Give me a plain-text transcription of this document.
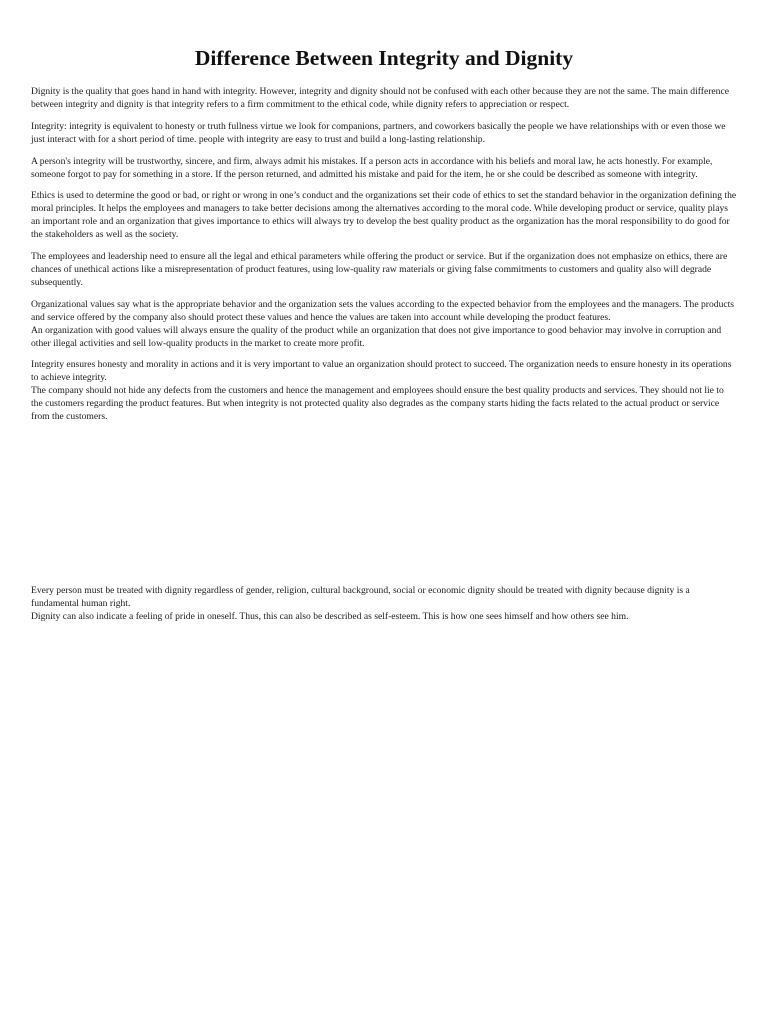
Difference Between Integrity and Dignity

Dignity is the quality that goes hand in hand with integrity. However, integrity and dignity should not be confused with each other because they are not the same. The main difference between integrity and dignity is that integrity refers to a firm commitment to the ethical code, while dignity refers to appreciation or respect.

Integrity: integrity is equivalent to honesty or truth fullness virtue we look for companions, partners, and coworkers basically the people we have relationships with or even those we just interact with for a short period of time. people with integrity are easy to trust and build a long-lasting relationship.

A person's integrity will be trustworthy, sincere, and firm, always admit his mistakes. If a person acts in accordance with his beliefs and moral law, he acts honestly. For example, someone forgot to pay for something in a store. If the person returned, and admitted his mistake and paid for the item, he or she could be described as someone with integrity.

Ethics is used to determine the good or bad, or right or wrong in one’s conduct and the organizations set their code of ethics to set the standard behavior in the organization defining the moral principles. It helps the employees and managers to take better decisions among the alternatives according to the moral code. While developing product or service, quality plays an important role and an organization that gives importance to ethics will always try to develop the best quality product as the organization has the moral responsibility to do good for the stakeholders as well as the society.

The employees and leadership need to ensure all the legal and ethical parameters while offering the product or service. But if the organization does not emphasize on ethics, there are chances of unethical actions like a misrepresentation of product features, using low-quality raw materials or giving false commitments to customers and quality also will degrade subsequently.

Organizational values say what is the appropriate behavior and the organization sets the values according to the expected behavior from the employees and the managers. The products and service offered by the company also should protect these values and hence the values are taken into account while developing the product features.
An organization with good values will always ensure the quality of the product while an organization that does not give importance to good behavior may involve in corruption and other illegal activities and sell low-quality products in the market to create more profit.

Integrity ensures honesty and morality in actions and it is very important to value an organization should protect to succeed. The organization needs to ensure honesty in its operations to achieve integrity.
The company should not hide any defects from the customers and hence the management and employees should ensure the best quality products and services. They should not lie to the customers regarding the product features. But when integrity is not protected quality also degrades as the company starts hiding the facts related to the actual product or service from the customers.

Every person must be treated with dignity regardless of gender, religion, cultural background, social or economic dignity should be treated with dignity because dignity is a fundamental human right.
Dignity can also indicate a feeling of pride in oneself. Thus, this can also be described as self-esteem. This is how one sees himself and how others see him.
